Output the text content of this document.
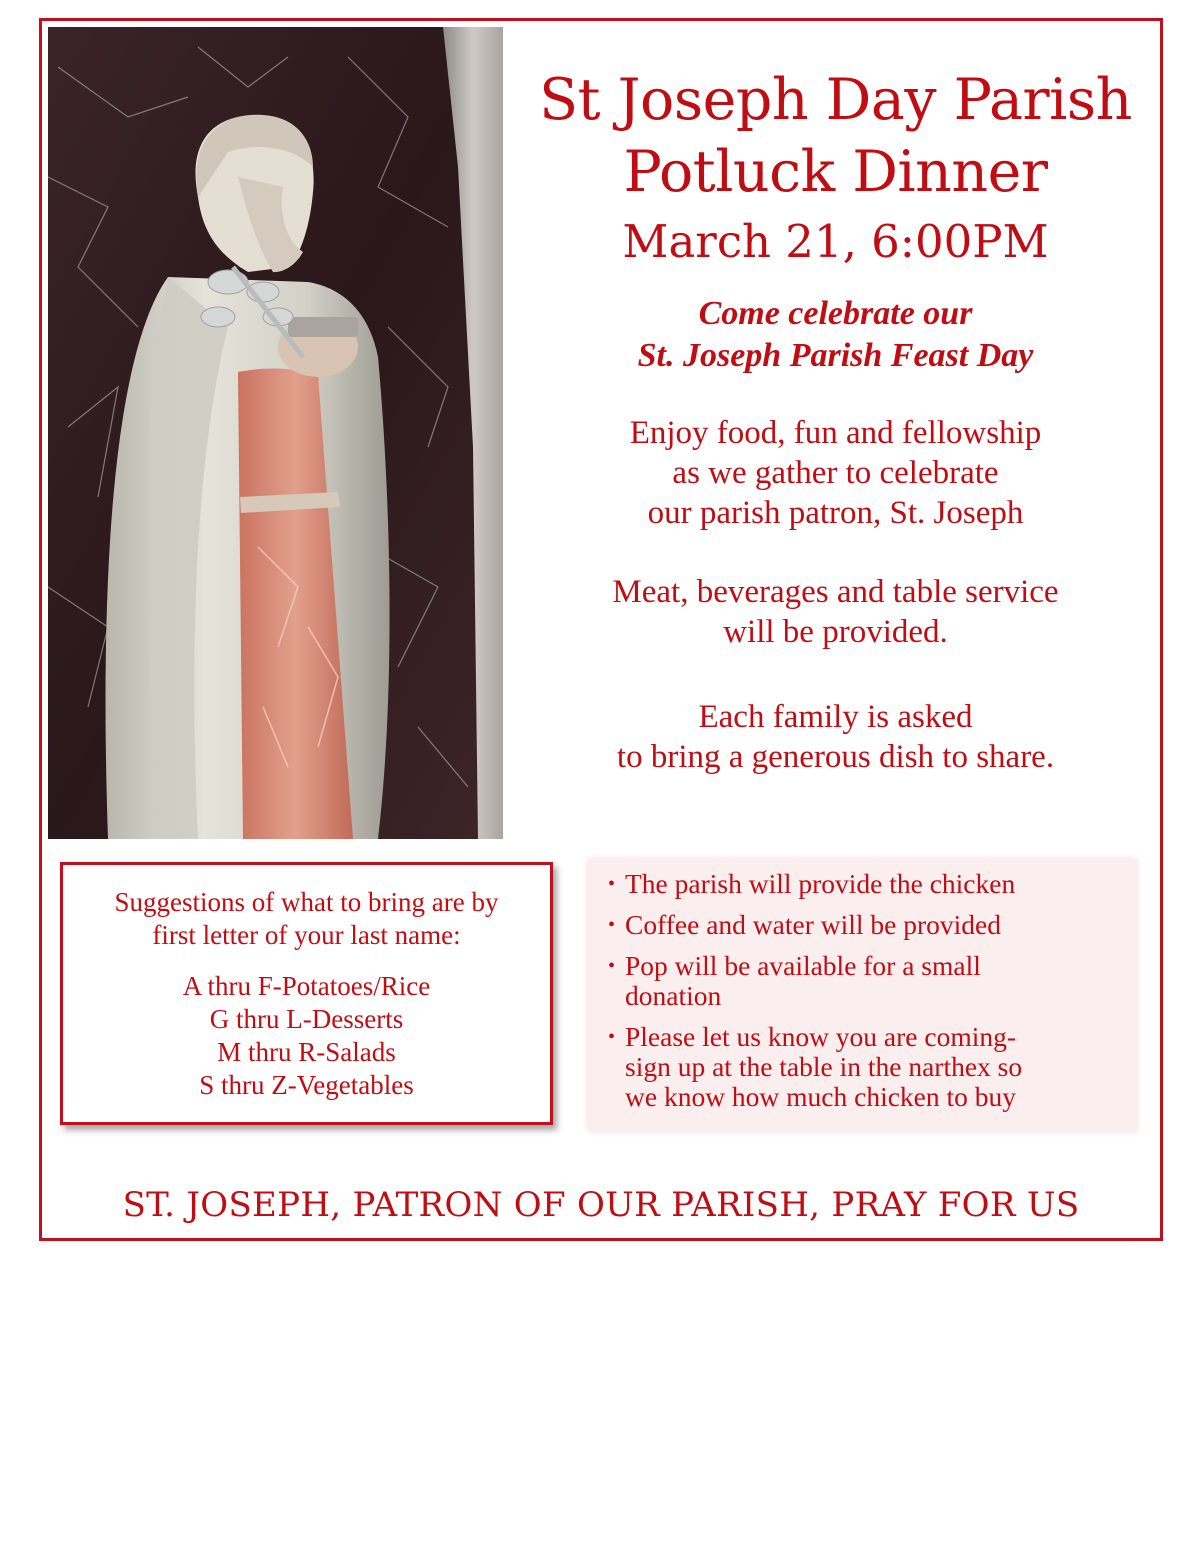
St Joseph Day Parish
Potluck Dinner
March 21, 6:00PM
Come celebrate our
St. Joseph Parish Feast Day
Enjoy food, fun and fellowship
as we gather to celebrate
our parish patron, St. Joseph
Meat, beverages and table service
will be provided.
Each family is asked
to bring a generous dish to share.
Suggestions of what to bring are by
first letter of your last name:
A thru F-Potatoes/Rice
G thru L-Desserts
M thru R-Salads
S thru Z-Vegetables
• The parish will provide the chicken
• Coffee and water will be provided
• Pop will be available for a small
donation
• Please let us know you are coming-
sign up at the table in the narthex so
we know how much chicken to buy
ST. JOSEPH, PATRON OF OUR PARISH, PRAY FOR US
